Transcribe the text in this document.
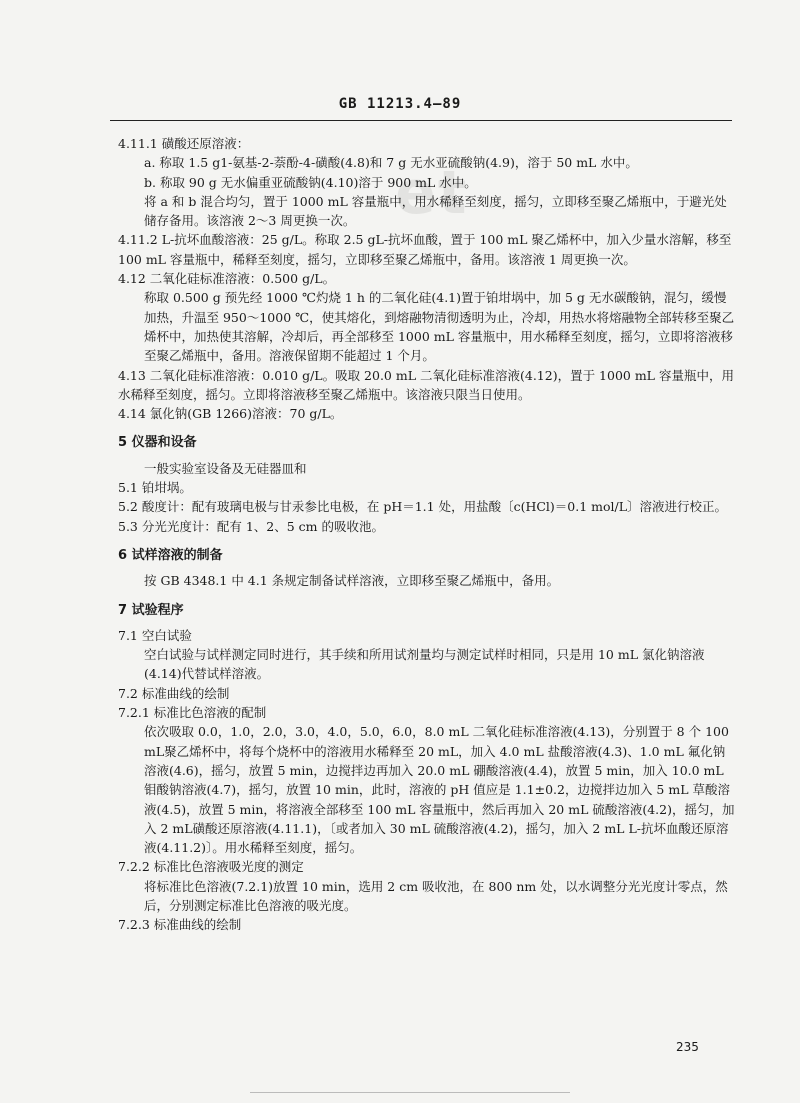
GB 11213.4—89
et

4.11.1 磺酸还原溶液：

a. 称取 1.5 g1-氨基-2-萘酚-4-磺酸(4.8)和 7 g 无水亚硫酸钠(4.9)，溶于 50 mL 水中。

b. 称取 90 g 无水偏重亚硫酸钠(4.10)溶于 900 mL 水中。

将 a 和 b 混合均匀，置于 1000 mL 容量瓶中，用水稀释至刻度，摇匀，立即移至聚乙烯瓶中，于避光处储存备用。该溶液 2～3 周更换一次。

4.11.2 L-抗坏血酸溶液：25 g/L。称取 2.5 gL-抗坏血酸，置于 100 mL 聚乙烯杯中，加入少量水溶解，移至 100 mL 容量瓶中，稀释至刻度，摇匀，立即移至聚乙烯瓶中，备用。该溶液 1 周更换一次。

4.12 二氧化硅标准溶液：0.500 g/L。

称取 0.500 g 预先经 1000 ℃灼烧 1 h 的二氧化硅(4.1)置于铂坩埚中，加 5 g 无水碳酸钠，混匀，缓慢加热，升温至 950～1000 ℃，使其熔化，到熔融物清彻透明为止，冷却，用热水将熔融物全部转移至聚乙烯杯中，加热使其溶解，冷却后，再全部移至 1000 mL 容量瓶中，用水稀释至刻度，摇匀，立即将溶液移至聚乙烯瓶中，备用。溶液保留期不能超过 1 个月。

4.13 二氧化硅标准溶液：0.010 g/L。吸取 20.0 mL 二氧化硅标准溶液(4.12)，置于 1000 mL 容量瓶中，用水稀释至刻度，摇匀。立即将溶液移至聚乙烯瓶中。该溶液只限当日使用。

4.14 氯化钠(GB 1266)溶液：70 g/L。

5 仪器和设备

一般实验室设备及无硅器皿和

5.1 铂坩埚。

5.2 酸度计：配有玻璃电极与甘汞参比电极，在 pH＝1.1 处，用盐酸〔c(HCl)＝0.1 mol/L〕溶液进行校正。

5.3 分光光度计：配有 1、2、5 cm 的吸收池。

6 试样溶液的制备

按 GB 4348.1 中 4.1 条规定制备试样溶液，立即移至聚乙烯瓶中，备用。

7 试验程序

7.1 空白试验

空白试验与试样测定同时进行，其手续和所用试剂量均与测定试样时相同，只是用 10 mL 氯化钠溶液(4.14)代替试样溶液。

7.2 标准曲线的绘制

7.2.1 标准比色溶液的配制

依次吸取 0.0，1.0，2.0，3.0，4.0，5.0，6.0，8.0 mL 二氧化硅标准溶液(4.13)，分别置于 8 个 100 mL聚乙烯杯中，将每个烧杯中的溶液用水稀释至 20 mL，加入 4.0 mL 盐酸溶液(4.3)、1.0 mL 氟化钠溶液(4.6)，摇匀，放置 5 min，边搅拌边再加入 20.0 mL 硼酸溶液(4.4)，放置 5 min，加入 10.0 mL 钼酸钠溶液(4.7)，摇匀，放置 10 min，此时，溶液的 pH 值应是 1.1±0.2，边搅拌边加入 5 mL 草酸溶液(4.5)，放置 5 min，将溶液全部移至 100 mL 容量瓶中，然后再加入 20 mL 硫酸溶液(4.2)，摇匀，加入 2 mL磺酸还原溶液(4.11.1)，〔或者加入 30 mL 硫酸溶液(4.2)，摇匀，加入 2 mL L-抗坏血酸还原溶液(4.11.2)〕。用水稀释至刻度，摇匀。

7.2.2 标准比色溶液吸光度的测定

将标准比色溶液(7.2.1)放置 10 min，选用 2 cm 吸收池，在 800 nm 处，以水调整分光光度计零点，然后，分别测定标准比色溶液的吸光度。

7.2.3 标准曲线的绘制

235
